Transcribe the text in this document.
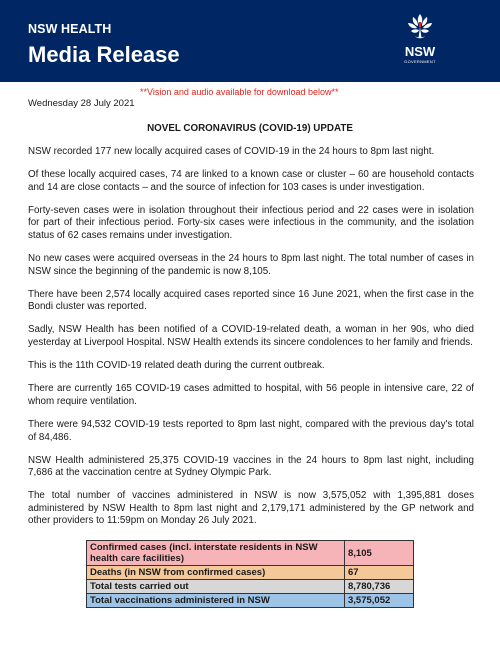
NSW HEALTH
Media Release	NSW
GOVERNMENT
**Vision and audio available for download below**
Wednesday 28 July 2021
NOVEL CORONAVIRUS (COVID-19) UPDATE

NSW recorded 177 new locally acquired cases of COVID-19 in the 24 hours to 8pm last night.

Of these locally acquired cases, 74 are linked to a known case or cluster – 60 are household contacts and 14 are close contacts – and the source of infection for 103 cases is under investigation.

Forty-seven cases were in isolation throughout their infectious period and 22 cases were in isolation for part of their infectious period. Forty-six cases were infectious in the community, and the isolation status of 62 cases remains under investigation.

No new cases were acquired overseas in the 24 hours to 8pm last night. The total number of cases in NSW since the beginning of the pandemic is now 8,105.

There have been 2,574 locally acquired cases reported since 16 June 2021, when the first case in the Bondi cluster was reported.

Sadly, NSW Health has been notified of a COVID-19-related death, a woman in her 90s, who died yesterday at Liverpool Hospital. NSW Health extends its sincere condolences to her family and friends.

This is the 11th COVID-19 related death during the current outbreak.

There are currently 165 COVID-19 cases admitted to hospital, with 56 people in intensive care, 22 of whom require ventilation.

There were 94,532 COVID-19 tests reported to 8pm last night, compared with the previous day's total of 84,486.

NSW Health administered 25,375 COVID-19 vaccines in the 24 hours to 8pm last night, including 7,686 at the vaccination centre at Sydney Olympic Park.

The total number of vaccines administered in NSW is now 3,575,052 with 1,395,881 doses administered by NSW Health to 8pm last night and 2,179,171 administered by the GP network and other providers to 11:59pm on Monday 26 July 2021.

Confirmed cases (incl. interstate residents in NSW health care facilities)	8,105
Deaths (in NSW from confirmed cases)	67
Total tests carried out	8,780,736
Total vaccinations administered in NSW	3,575,052
